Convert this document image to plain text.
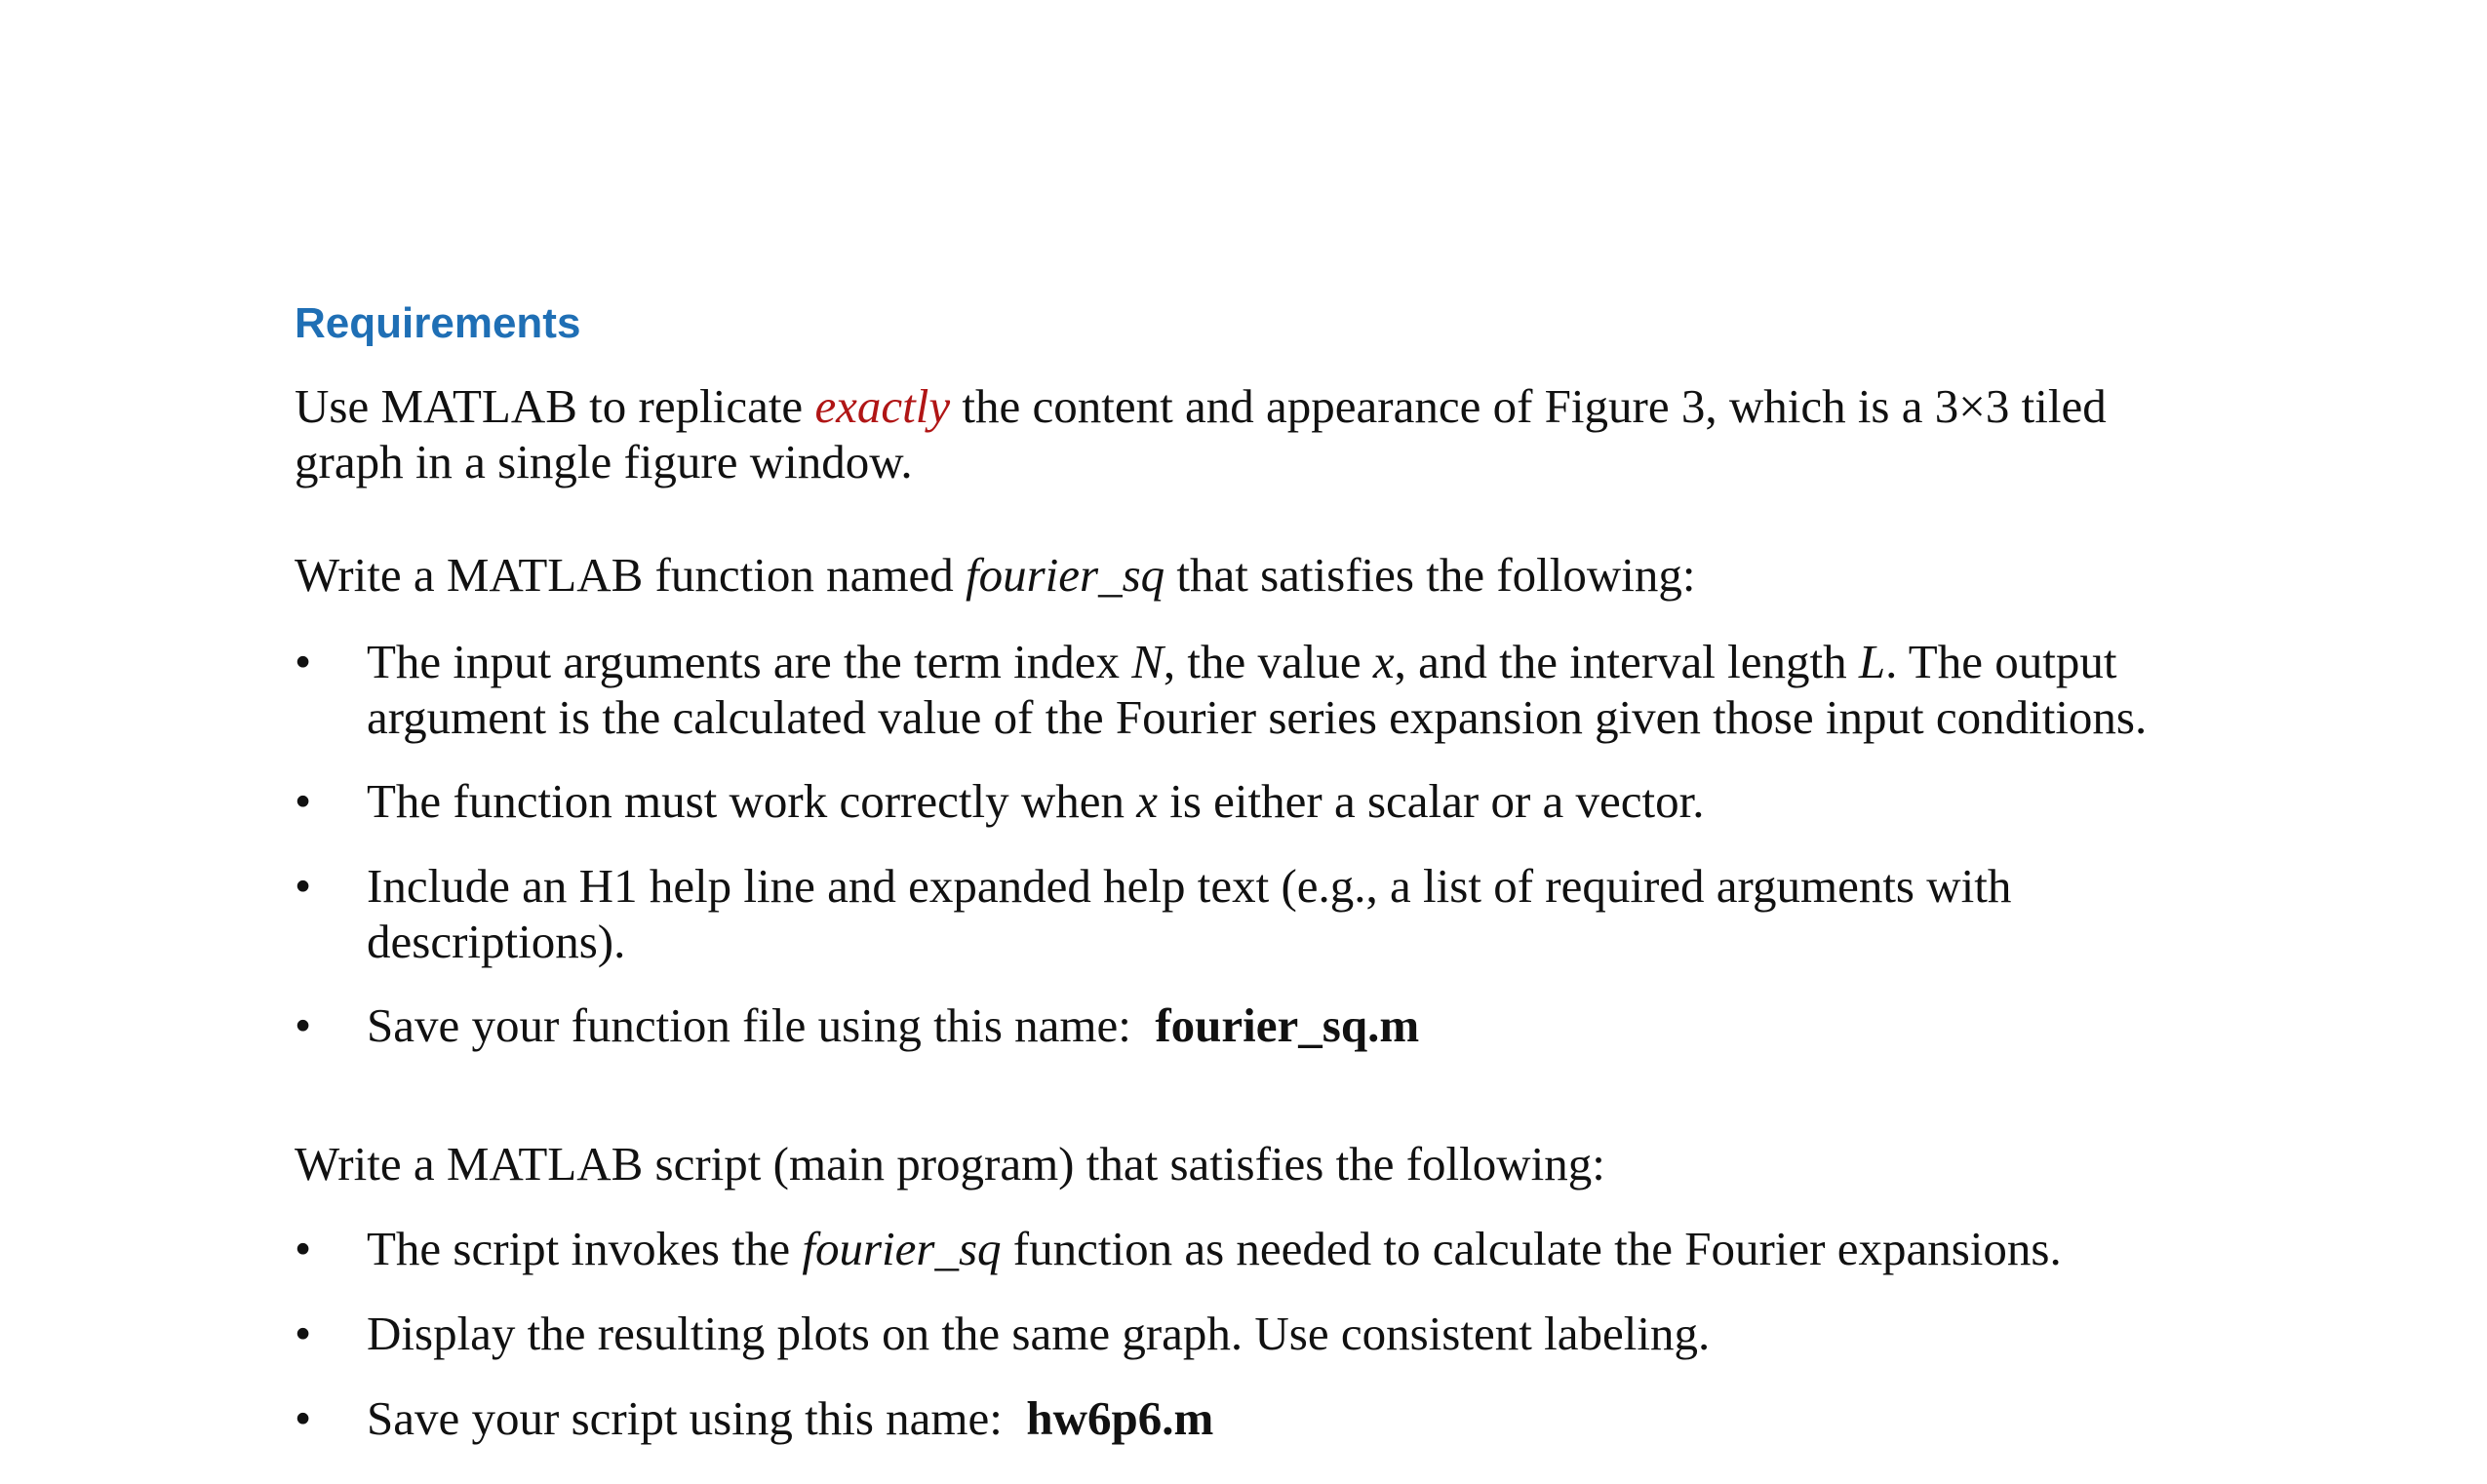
Requirements
Use MATLAB to replicate exactly the content and appearance of Figure 3, which is a 3×3 tiled
graph in a single figure window.
Write a MATLAB function named fourier_sq that satisfies the following:
• The input arguments are the term index N, the value x, and the interval length L. The output
argument is the calculated value of the Fourier series expansion given those input conditions.
• The function must work correctly when x is either a scalar or a vector.
• Include an H1 help line and expanded help text (e.g., a list of required arguments with
descriptions).
• Save your function file using this name:  fourier_sq.m
Write a MATLAB script (main program) that satisfies the following:
• The script invokes the fourier_sq function as needed to calculate the Fourier expansions.
• Display the resulting plots on the same graph. Use consistent labeling.
• Save your script using this name:  hw6p6.m
